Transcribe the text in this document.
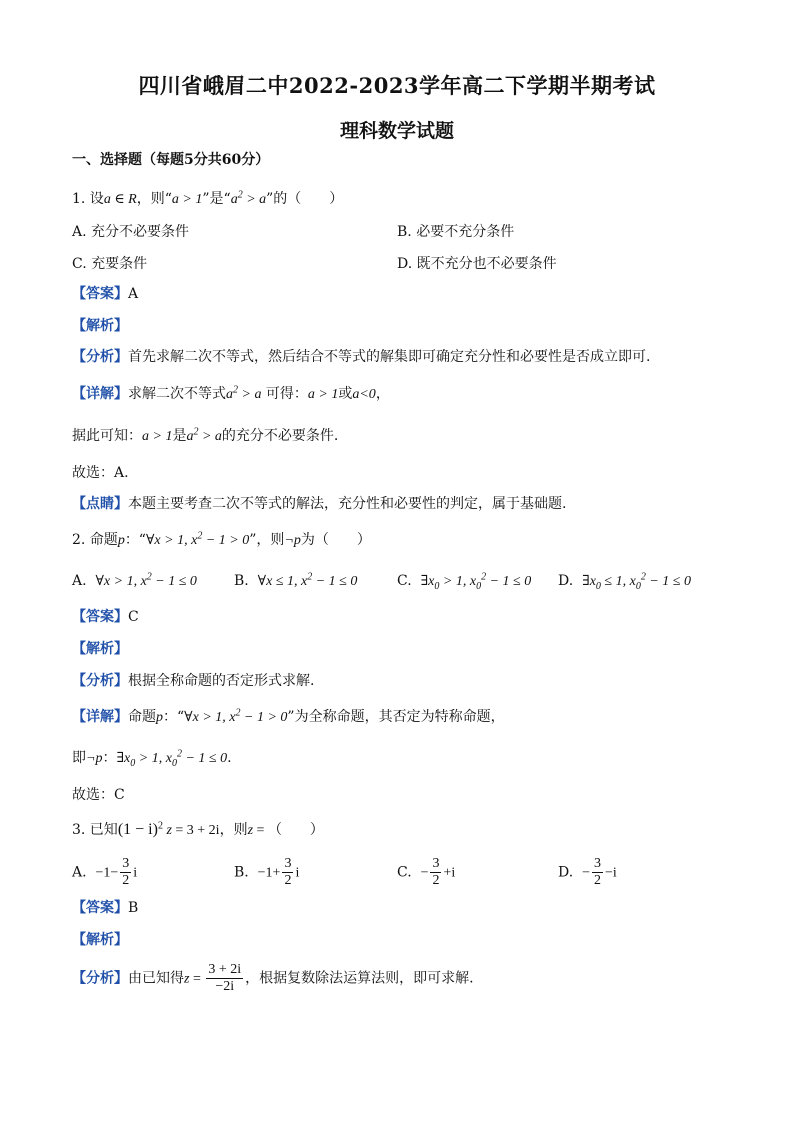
四川省峨眉二中2022-2023学年高二下学期半期考试
理科数学试题
一、选择题（每题5分共60分）
1. 设a ∈ R，则“a > 1”是“$a^2 > a$”的（　　）
A. 充分不必要条件	B. 必要不充分条件
C. 充要条件	D. 既不充分也不必要条件
【答案】A
【解析】
【分析】首先求解二次不等式，然后结合不等式的解集即可确定充分性和必要性是否成立即可.
【详解】求解二次不等式$a^2 > a$ 可得：a > 1或a<0，
据此可知：a > 1是$a^2 > a$的充分不必要条件.
故选：A.
【点睛】本题主要考查二次不等式的解法，充分性和必要性的判定，属于基础题.
2. 命题p：“∀x > 1, $x^2 - 1 > 0$”，则¬p为（　　）
A. ∀x > 1, $x^2 - 1 \le 0$	B. ∀x ≤ 1, $x^2 - 1 \le 0$	C. $\exists x_0 > 1$, $x_0^2 - 1 \le 0$ D. $\exists x_0 \le 1$, $x_0^2 - 1 \le 0$
【答案】C
【解析】
【分析】根据全称命题的否定形式求解.
【详解】命题p：“∀x > 1, $x^2 - 1 > 0$”为全称命题，其否定为特称命题，
即¬p：$\exists x_0 > 1$, $x_0^2 - 1 \le 0$.
故选：C
3. 已知$(1 - i)^2$ z = 3 + 2i，则z = （　　）
A. $-1- \frac{3}{2}$ i	B. $-1+ \frac{3}{2}$ i	C. − $\frac{3}{2} +i$	D. − $\frac{3}{2} -i$
【答案】B
【解析】
【分析】由已知得$z = \frac{3 + 2i}{-2i}$ ，根据复数除法运算法则，即可求解.
